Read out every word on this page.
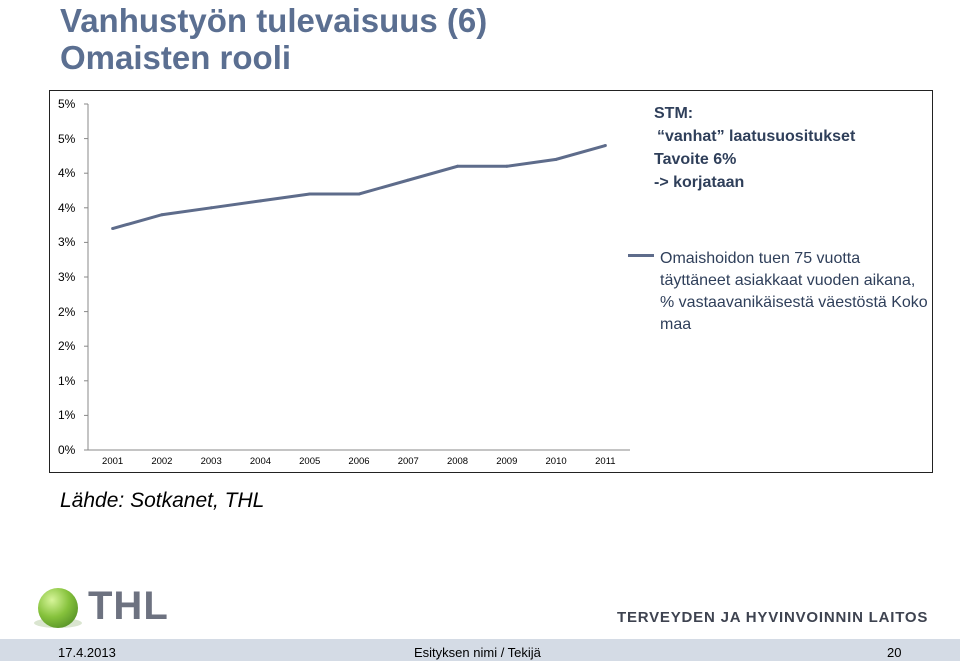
Vanhustyön tulevaisuus (6)
Omaisten rooli
5%
5%
4%
4%
3%
3%
2%
2%
1%
1%
0%
2001	2002	2003	2004	2005	2006	2007	2008	2009	2010	2011
STM:
“vanhat” laatusuositukset
Tavoite 6%
-> korjataan
Omaishoidon tuen 75 vuotta täyttäneet asiakkaat vuoden aikana, % vastaavanikäisestä väestöstä Koko maa
Lähde: Sotkanet, THL
THL	TERVEYDEN JA HYVINVOINNIN LAITOS
17.4.2013	Esityksen nimi / Tekijä	20
